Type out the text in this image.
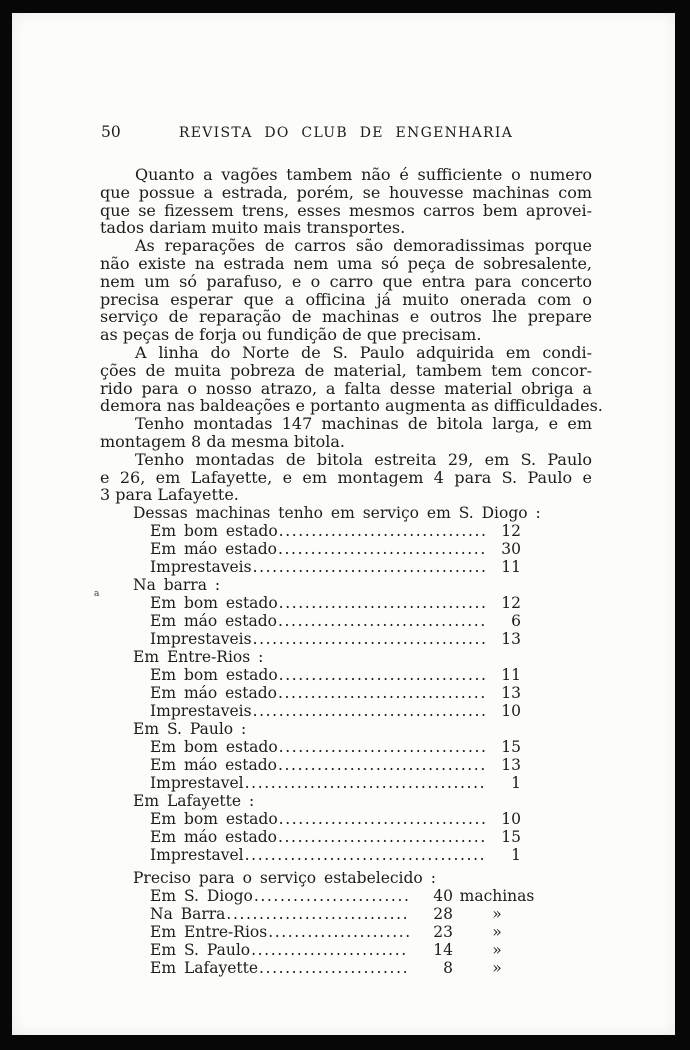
50	REVISTA DO CLUB DE ENGENHARIA
Quanto a vagões tambem não é sufficiente o numero
que possue a estrada, porém, se houvesse machinas com
que se fizessem trens, esses mesmos carros bem aprovei-
tados dariam muito mais transportes.
As reparações de carros são demoradissimas porque
não existe na estrada nem uma só peça de sobresalente,
nem um só parafuso, e o carro que entra para concerto
precisa esperar que a officina já muito onerada com o
serviço de reparação de machinas e outros lhe prepare
as peças de forja ou fundição de que precisam.
A linha do Norte de S. Paulo adquirida em condi-
ções de muita pobreza de material, tambem tem concor-
rido para o nosso atrazo, a falta desse material obriga a
demora nas baldeações e portanto augmenta as difficuldades.
Tenho montadas 147 machinas de bitola larga, e em
montagem 8 da mesma bitola.
Tenho montadas de bitola estreita 29, em S. Paulo
e 26, em Lafayette, e em montagem 4 para S. Paulo e
3 para Lafayette.
Dessas machinas tenho em serviço em S. Diogo :
Em bom estado .....	12
Em máo estado .....	30
Imprestaveis .....	11
Na barra :
Em bom estado .....	12
Em máo estado .....	6
Imprestaveis .....	13
Em Entre-Rios :
Em bom estado .....	11
Em máo estado .....	13
Imprestaveis .....	10
Em S. Paulo :
Em bom estado .....	15
Em máo estado .....	13
Imprestavel .....	1
Em Lafayette :
Em bom estado .....	10
Em máo estado .....	15
Imprestavel .....	1
Preciso para o serviço estabelecido :
Em S. Diogo .....	40 machinas
Na Barra .....	28	»
Em Entre-Rios .....	23	»
Em S. Paulo .....	14	»
Em Lafayette .....	8	»
a
